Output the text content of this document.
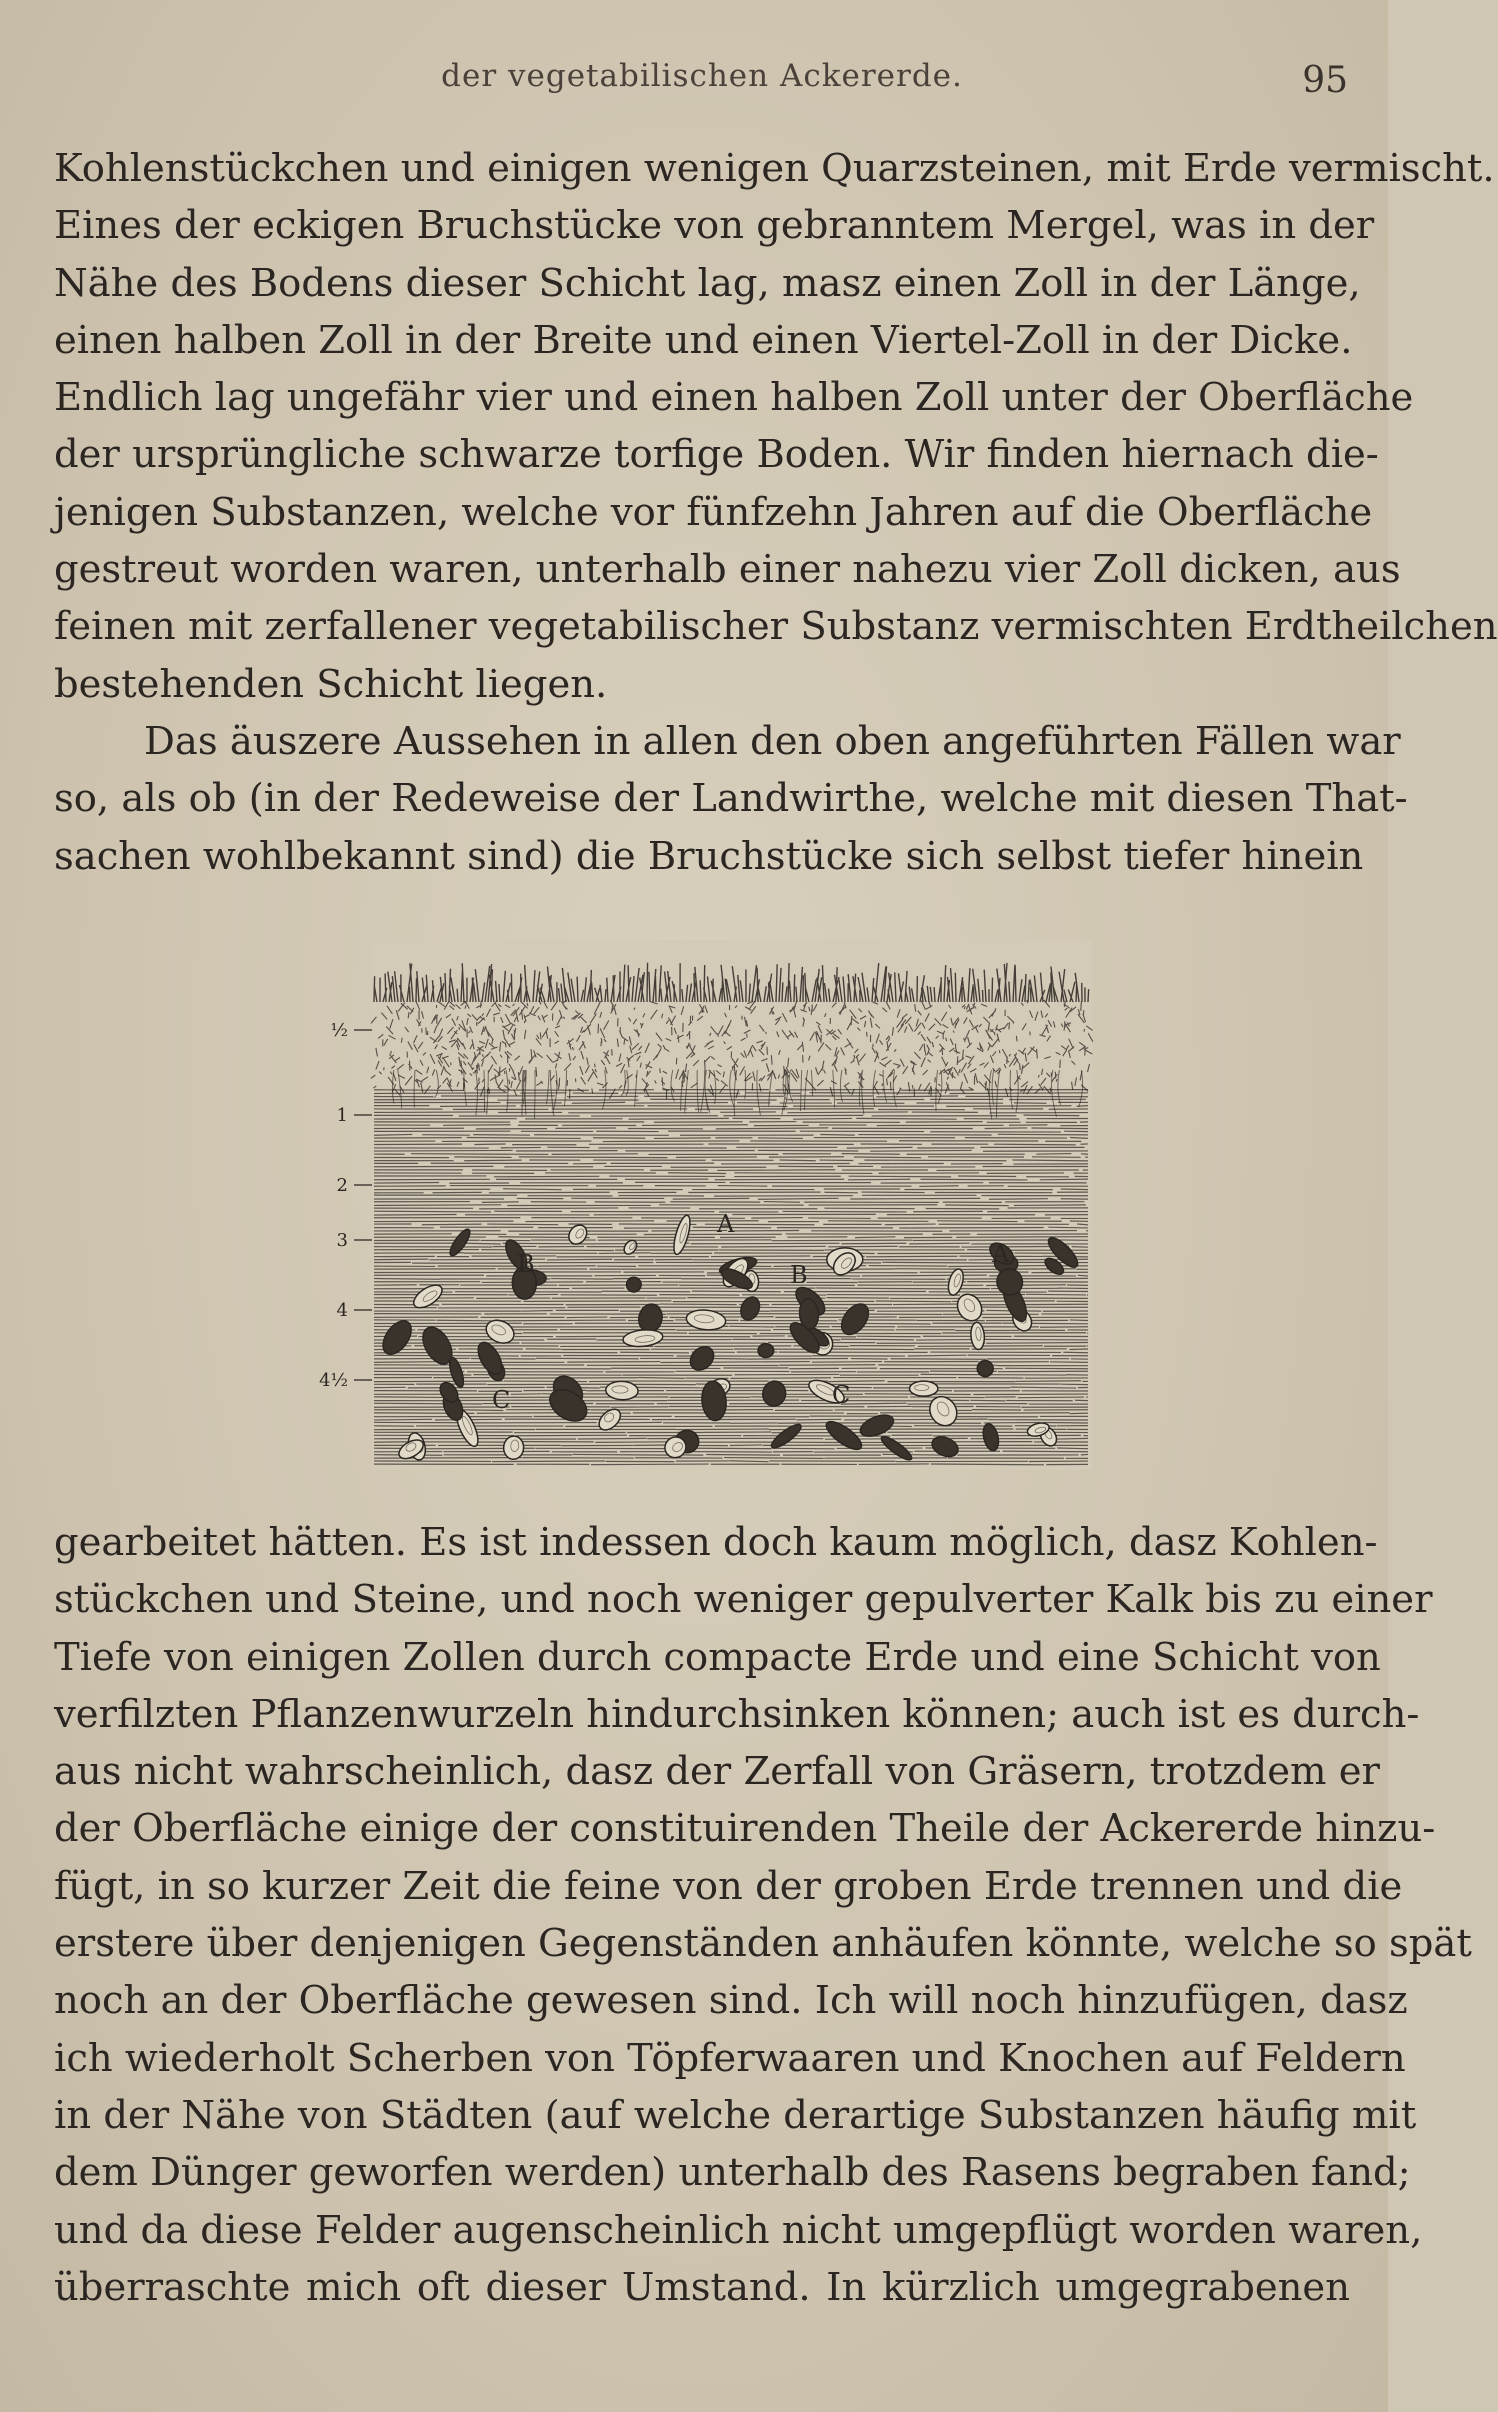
der vegetabilischen Ackererde.	95
Kohlenstückchen und einigen wenigen Quarzsteinen, mit Erde vermischt.
Eines der eckigen Bruchstücke von gebranntem Mergel, was in der
Nähe des Bodens dieser Schicht lag, masz einen Zoll in der Länge,
einen halben Zoll in der Breite und einen Viertel-Zoll in der Dicke.
Endlich lag ungefähr vier und einen halben Zoll unter der Oberfläche
der ursprüngliche schwarze torfige Boden. Wir finden hiernach die-
jenigen Substanzen, welche vor fünfzehn Jahren auf die Oberfläche
gestreut worden waren, unterhalb einer nahezu vier Zoll dicken, aus
feinen mit zerfallener vegetabilischer Substanz vermischten Erdtheilchen
bestehenden Schicht liegen.
Das äuszere Aussehen in allen den oben angeführten Fällen war
so, als ob (in der Redeweise der Landwirthe, welche mit diesen That-
sachen wohlbekannt sind) die Bruchstücke sich selbst tiefer hinein
½
1
2
3
4
4½
A
B	B
A
C	C
gearbeitet hätten. Es ist indessen doch kaum möglich, dasz Kohlen-
stückchen und Steine, und noch weniger gepulverter Kalk bis zu einer
Tiefe von einigen Zollen durch compacte Erde und eine Schicht von
verfilzten Pflanzenwurzeln hindurchsinken können; auch ist es durch-
aus nicht wahrscheinlich, dasz der Zerfall von Gräsern, trotzdem er
der Oberfläche einige der constituirenden Theile der Ackererde hinzu-
fügt, in so kurzer Zeit die feine von der groben Erde trennen und die
erstere über denjenigen Gegenständen anhäufen könnte, welche so spät
noch an der Oberfläche gewesen sind. Ich will noch hinzufügen, dasz
ich wiederholt Scherben von Töpferwaaren und Knochen auf Feldern
in der Nähe von Städten (auf welche derartige Substanzen häufig mit
dem Dünger geworfen werden) unterhalb des Rasens begraben fand;
und da diese Felder augenscheinlich nicht umgepflügt worden waren,
überraschte mich oft dieser Umstand. In kürzlich umgegrabenen
